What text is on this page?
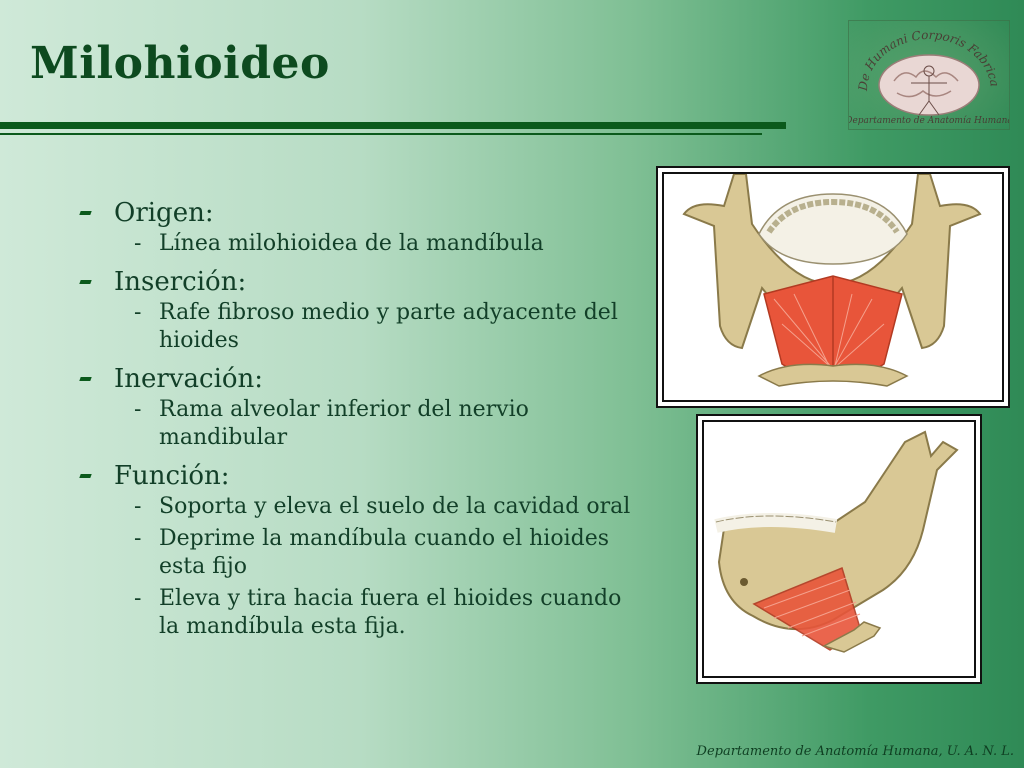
Milohioideo	De Humani Corporis Fabrica
Departamento de Anatomía Humana
Origen:
- Línea milohioidea de la mandíbula
Inserción:
- Rafe fibroso medio y parte adyacente del hioides
Inervación:
- Rama alveolar inferior del nervio mandibular
Función:
- Soporta y eleva el suelo de la cavidad oral
- Deprime la mandíbula cuando el hioides esta fijo
- Eleva y tira hacia fuera el hioides cuando la mandíbula esta fija.
Departamento de Anatomía Humana, U. A. N. L.
